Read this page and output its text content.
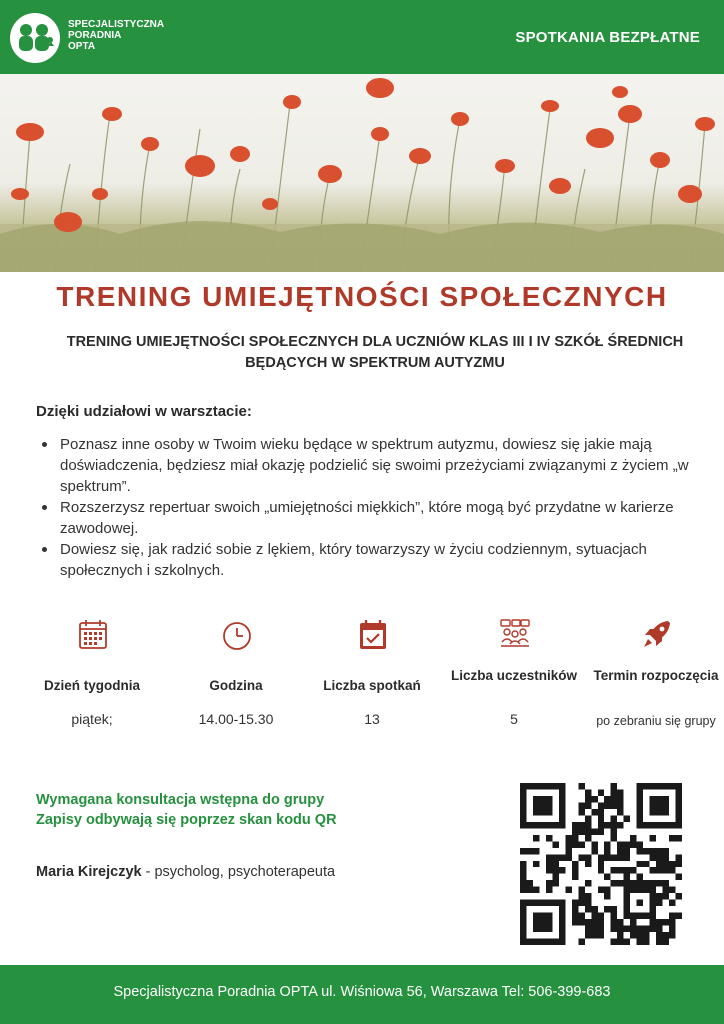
SPECJALISTYCZNA
PORADNIA
OPTA
SPOTKANIA BEZPŁATNE
TRENING UMIEJĘTNOŚCI SPOŁECZNYCH
TRENING UMIEJĘTNOŚCI SPOŁECZNYCH DLA UCZNIÓW KLAS III I IV SZKÓŁ ŚREDNICH BĘDĄCYCH W SPEKTRUM AUTYZMU
Dzięki udziałowi w warsztacie:
Poznasz inne osoby w Twoim wieku będące w spektrum autyzmu, dowiesz się jakie mają doświadczenia, będziesz miał okazję podzielić się swoimi przeżyciami związanymi z życiem „w spektrum”.
Rozszerzysz repertuar swoich „umiejętności miękkich”, które mogą być przydatne w karierze zawodowej.
Dowiesz się, jak radzić sobie z lękiem, który towarzyszy w życiu codziennym, sytuacjach społecznych i szkolnych.
Dzień tygodnia
piątek;
Godzina
14.00-15.30
Liczba spotkań
13
Liczba uczestników
5
Termin rozpoczęcia
po zebraniu się grupy
Wymagana konsultacja wstępna do grupy
Zapisy odbywają się poprzez skan kodu QR
Maria Kirejczyk - psycholog, psychoterapeuta
Specjalistyczna Poradnia OPTA ul. Wiśniowa 56, Warszawa Tel: 506-399-683
